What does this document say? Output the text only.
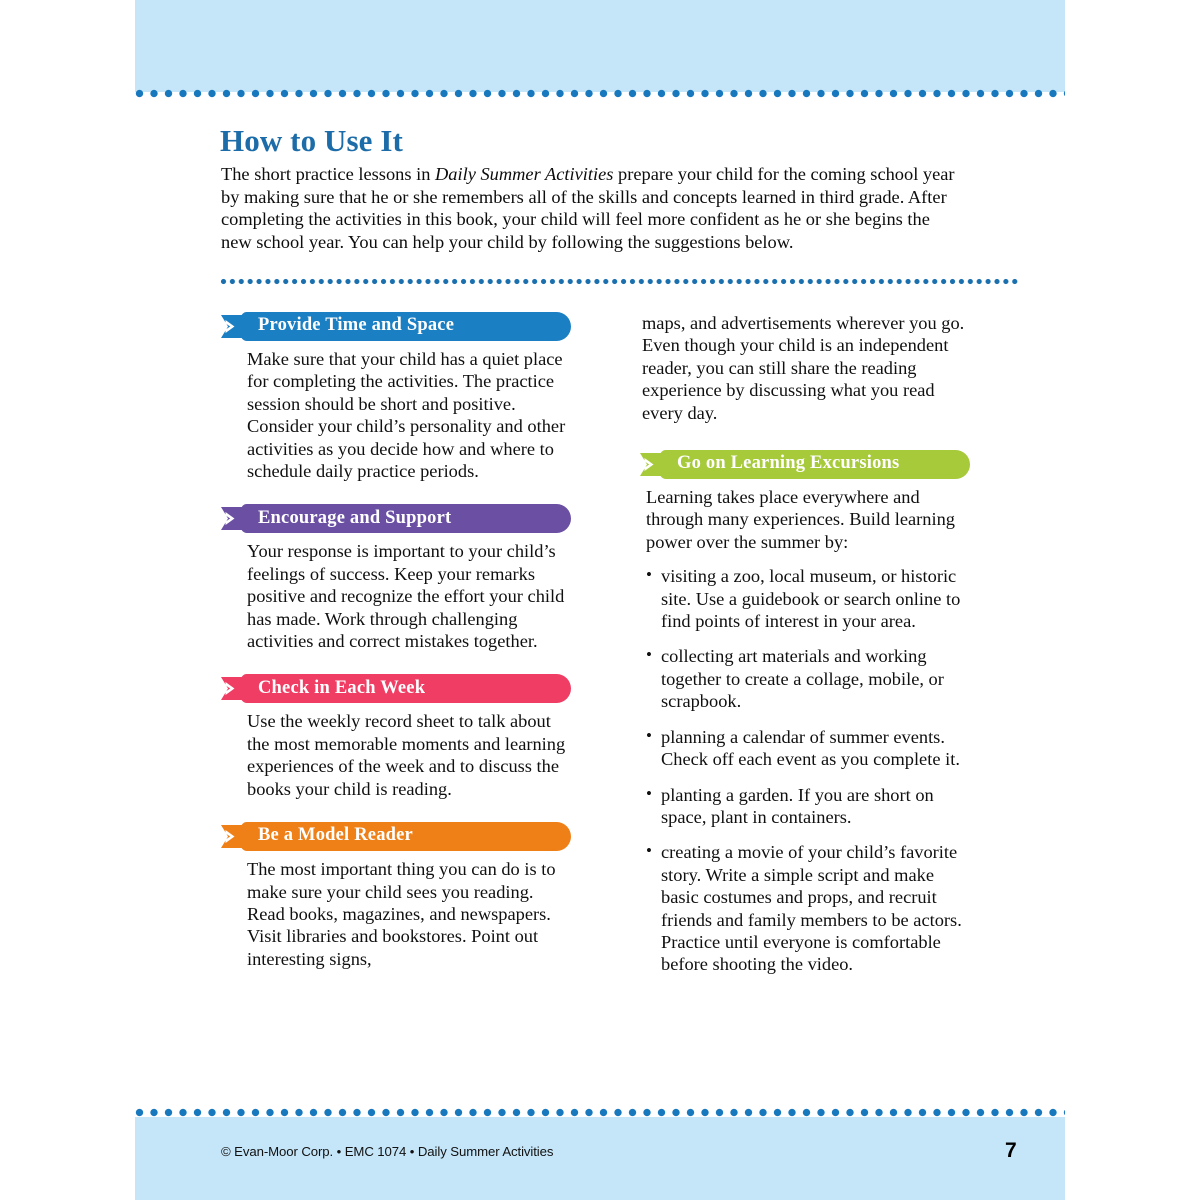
How to Use It
The short practice lessons in Daily Summer Activities prepare your child for the coming school year by making sure that he or she remembers all of the skills and concepts learned in third grade. After completing the activities in this book, your child will feel more confident as he or she begins the new school year. You can help your child by following the suggestions below.
Provide Time and Space
Make sure that your child has a quiet place for completing the activities. The practice session should be short and positive. Consider your child’s personality and other activities as you decide how and where to schedule daily practice periods.
Encourage and Support
Your response is important to your child’s feelings of success. Keep your remarks positive and recognize the effort your child has made. Work through challenging activities and correct mistakes together.
Check in Each Week
Use the weekly record sheet to talk about the most memorable moments and learning experiences of the week and to discuss the books your child is reading.
Be a Model Reader
The most important thing you can do is to make sure your child sees you reading. Read books, magazines, and newspapers. Visit libraries and bookstores. Point out interesting signs,

maps, and advertisements wherever you go. Even though your child is an independent reader, you can still share the reading experience by discussing what you read every day.

Go on Learning Excursions
Learning takes place everywhere and through many experiences. Build learning power over the summer by:
• visiting a zoo, local museum, or historic site. Use a guidebook or search online to find points of interest in your area.
• collecting art materials and working together to create a collage, mobile, or scrapbook.
• planning a calendar of summer events. Check off each event as you complete it.
• planting a garden. If you are short on space, plant in containers.
• creating a movie of your child’s favorite story. Write a simple script and make basic costumes and props, and recruit friends and family members to be actors. Practice until everyone is comfortable before shooting the video.
© Evan-Moor Corp. • EMC 1074 • Daily Summer Activities	7
